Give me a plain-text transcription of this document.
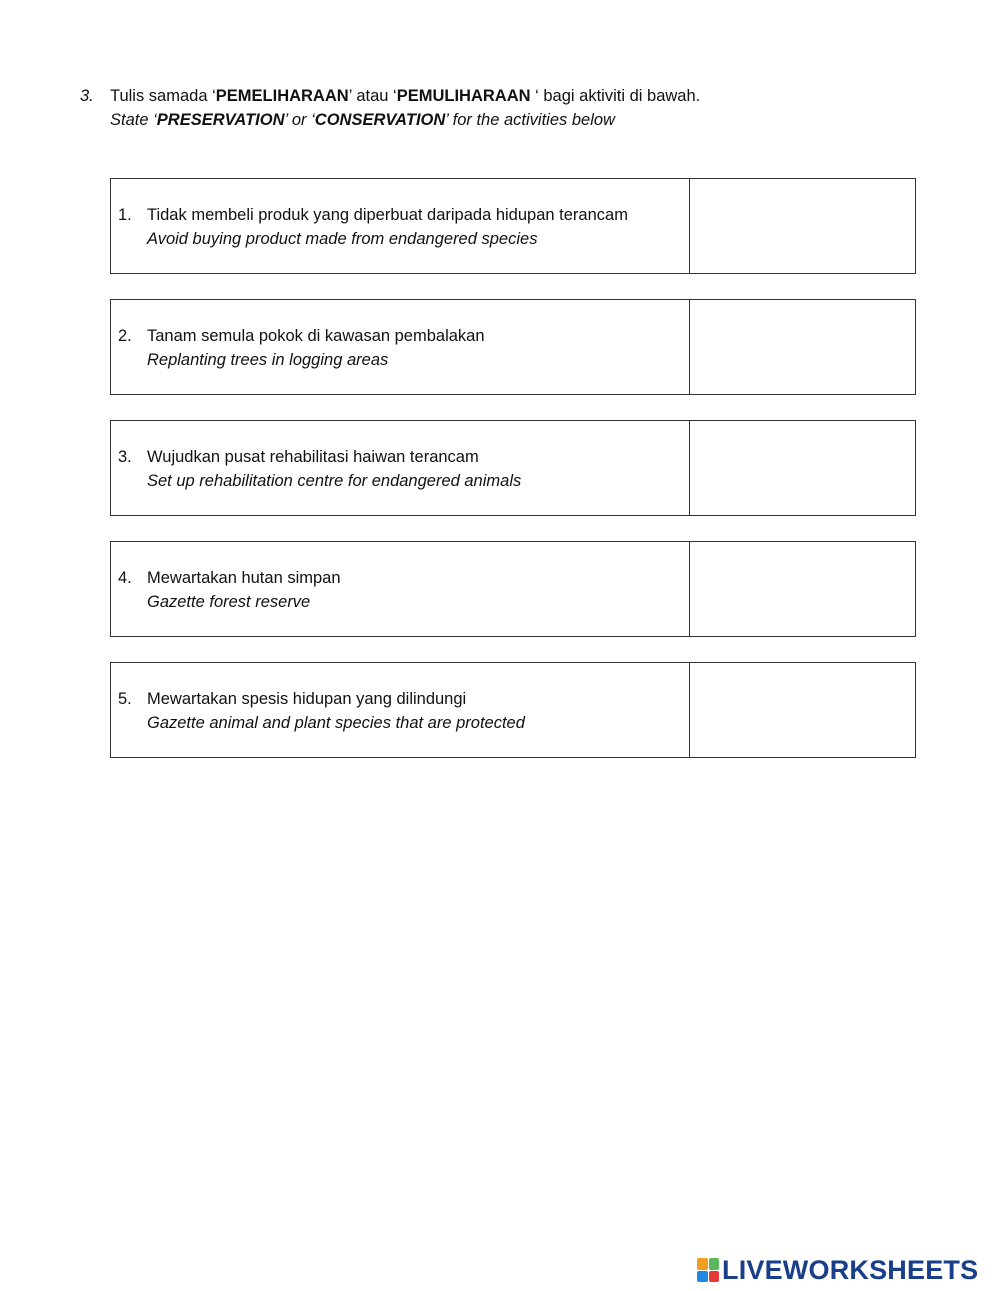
3. Tulis samada ‘PEMELIHARAAN’ atau ‘PEMULIHARAAN ‘ bagi aktiviti di bawah.
State ‘PRESERVATION’ or ‘CONSERVATION’ for the activities below
1. Tidak membeli produk yang diperbuat daripada hidupan terancam
Avoid buying product made from endangered species
2. Tanam semula pokok di kawasan pembalakan
Replanting trees in logging areas
3. Wujudkan pusat rehabilitasi haiwan terancam
Set up rehabilitation centre for endangered animals
4. Mewartakan hutan simpan
Gazette forest reserve
5. Mewartakan spesis hidupan yang dilindungi
Gazette animal and plant species that are protected
LIVEWORKSHEETS
